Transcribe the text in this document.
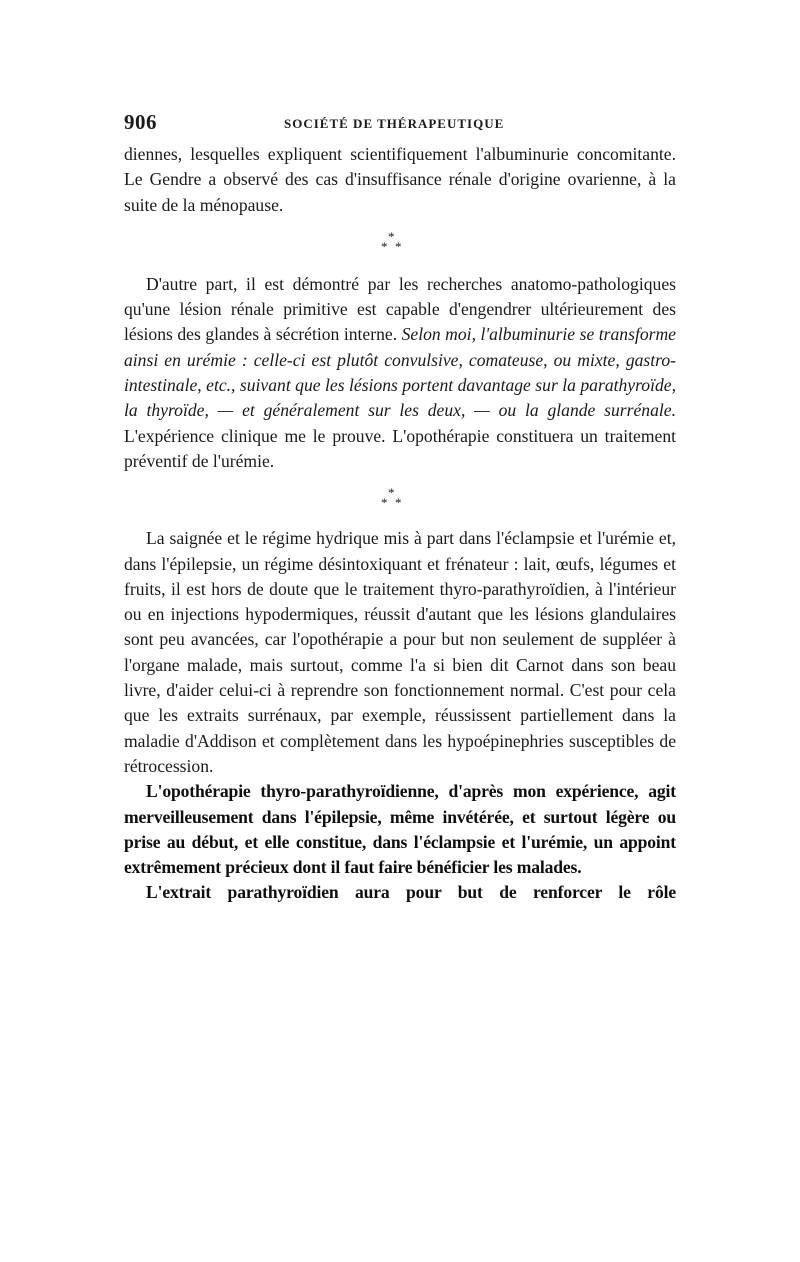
906	SOCIÉTÉ DE THÉRAPEUTIQUE

diennes, lesquelles expliquent scientifiquement l'albuminurie concomitante. Le Gendre a observé des cas d'insuffisance rénale d'origine ovarienne, à la suite de la ménopause.

*
* *

D'autre part, il est démontré par les recherches anatomo-pathologiques qu'une lésion rénale primitive est capable d'engendrer ultérieurement des lésions des glandes à sécrétion interne. Selon moi, l'albuminurie se transforme ainsi en urémie : celle-ci est plutôt convulsive, comateuse, ou mixte, gastro-intestinale, etc., suivant que les lésions portent davantage sur la parathyroïde, la thyroïde, — et généralement sur les deux, — ou la glande surrénale. L'expérience clinique me le prouve. L'opothérapie constituera un traitement préventif de l'urémie.

*
* *

La saignée et le régime hydrique mis à part dans l'éclampsie et l'urémie et, dans l'épilepsie, un régime désintoxiquant et frénateur : lait, œufs, légumes et fruits, il est hors de doute que le traitement thyro-parathyroïdien, à l'intérieur ou en injections hypodermiques, réussit d'autant que les lésions glandulaires sont peu avancées, car l'opothérapie a pour but non seulement de suppléer à l'organe malade, mais surtout, comme l'a si bien dit Carnot dans son beau livre, d'aider celui-ci à reprendre son fonctionnement normal. C'est pour cela que les extraits surrénaux, par exemple, réussissent partiellement dans la maladie d'Addison et complètement dans les hypoépinephries susceptibles de rétrocession.

L'opothérapie thyro-parathyroïdienne, d'après mon expérience, agit merveilleusement dans l'épilepsie, même invétérée, et surtout légère ou prise au début, et elle constitue, dans l'éclampsie et l'urémie, un appoint extrêmement précieux dont il faut faire bénéficier les malades.

L'extrait parathyroïdien aura pour but de renforcer le rôle
